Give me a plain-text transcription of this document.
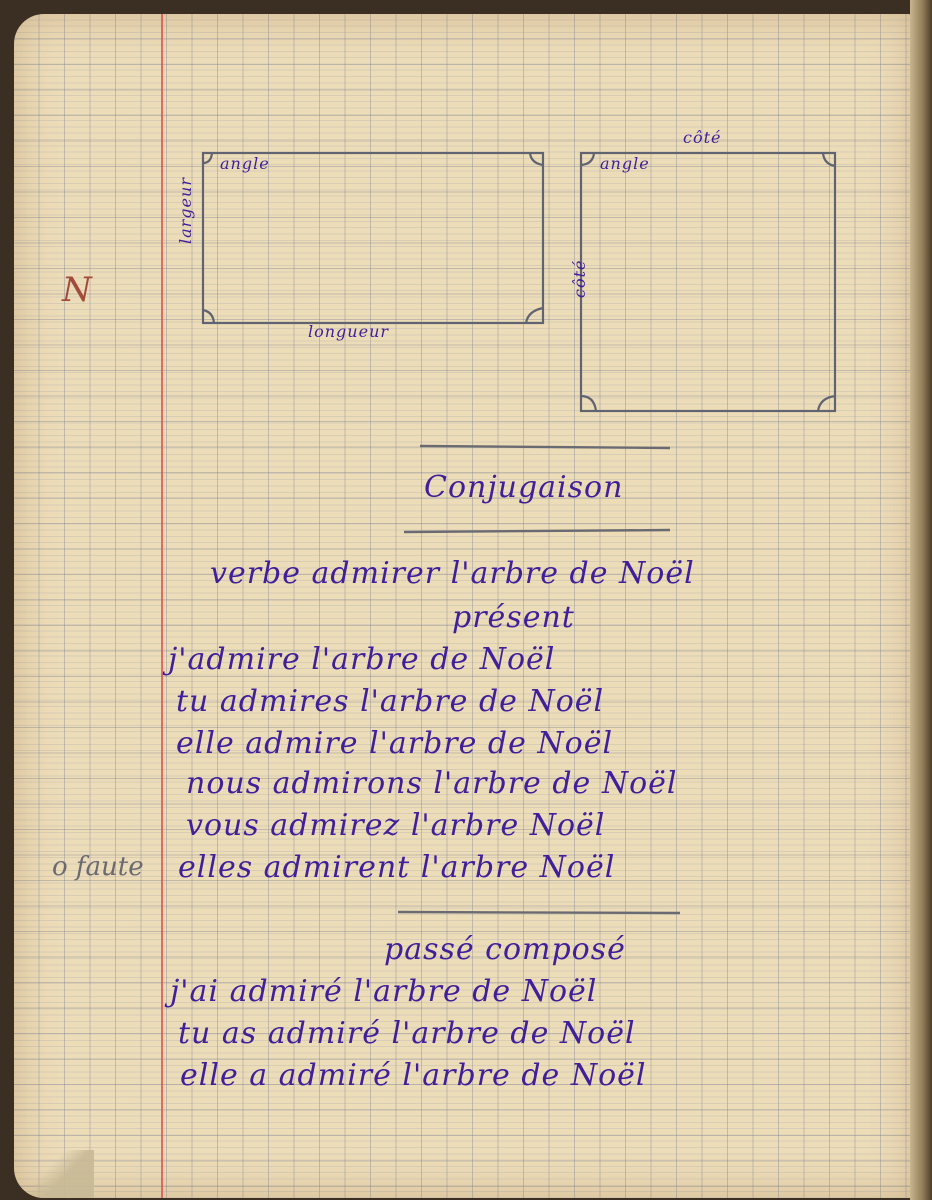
angle
largeur
longueur
angle
côté
côté
N
o faute
Conjugaison
verbe admirer l'arbre de Noël
présent
j'admire l'arbre de Noël
tu admires l'arbre de Noël
elle admire l'arbre de Noël
nous admirons l'arbre de Noël
vous admirez l'arbre Noël
elles admirent l'arbre Noël
passé composé
j'ai admiré l'arbre de Noël
tu as admiré l'arbre de Noël
elle a admiré l'arbre de Noël
